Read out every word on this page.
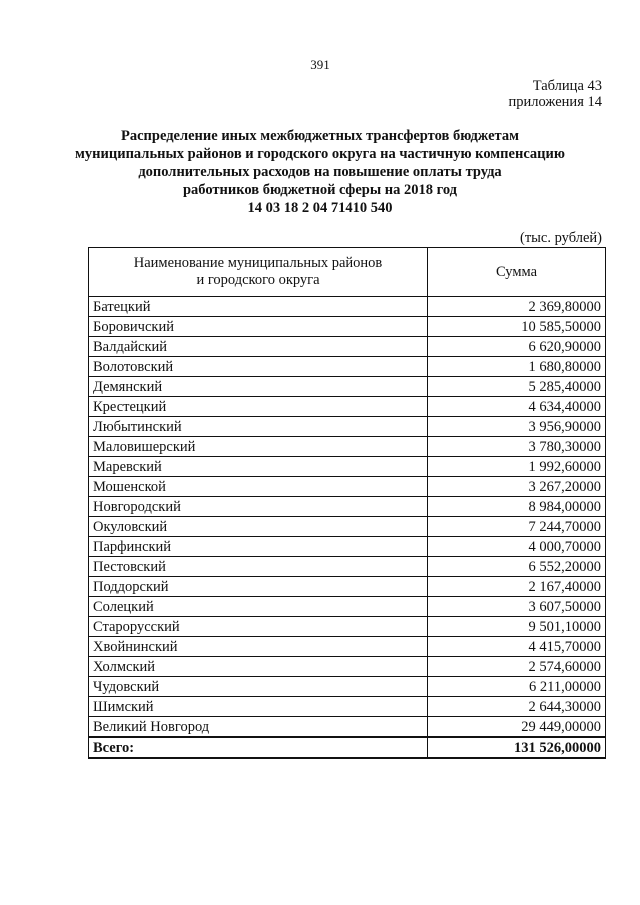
391
Таблица 43
приложения 14
Распределение иных межбюджетных трансфертов бюджетам
муниципальных районов и городского округа на частичную компенсацию
дополнительных расходов на повышение оплаты труда
работников бюджетной сферы на 2018 год
14 03 18 2 04 71410 540
(тыс. рублей)
Наименование муниципальных районов
и городского округа	Сумма
Батецкий	2 369,80000
Боровичский	10 585,50000
Валдайский	6 620,90000
Волотовский	1 680,80000
Демянский	5 285,40000
Крестецкий	4 634,40000
Любытинский	3 956,90000
Маловишерский	3 780,30000
Маревский	1 992,60000
Мошенской	3 267,20000
Новгородский	8 984,00000
Окуловский	7 244,70000
Парфинский	4 000,70000
Пестовский	6 552,20000
Поддорский	2 167,40000
Солецкий	3 607,50000
Старорусский	9 501,10000
Хвойнинский	4 415,70000
Холмский	2 574,60000
Чудовский	6 211,00000
Шимский	2 644,30000
Великий Новгород	29 449,00000
Всего:	131 526,00000
